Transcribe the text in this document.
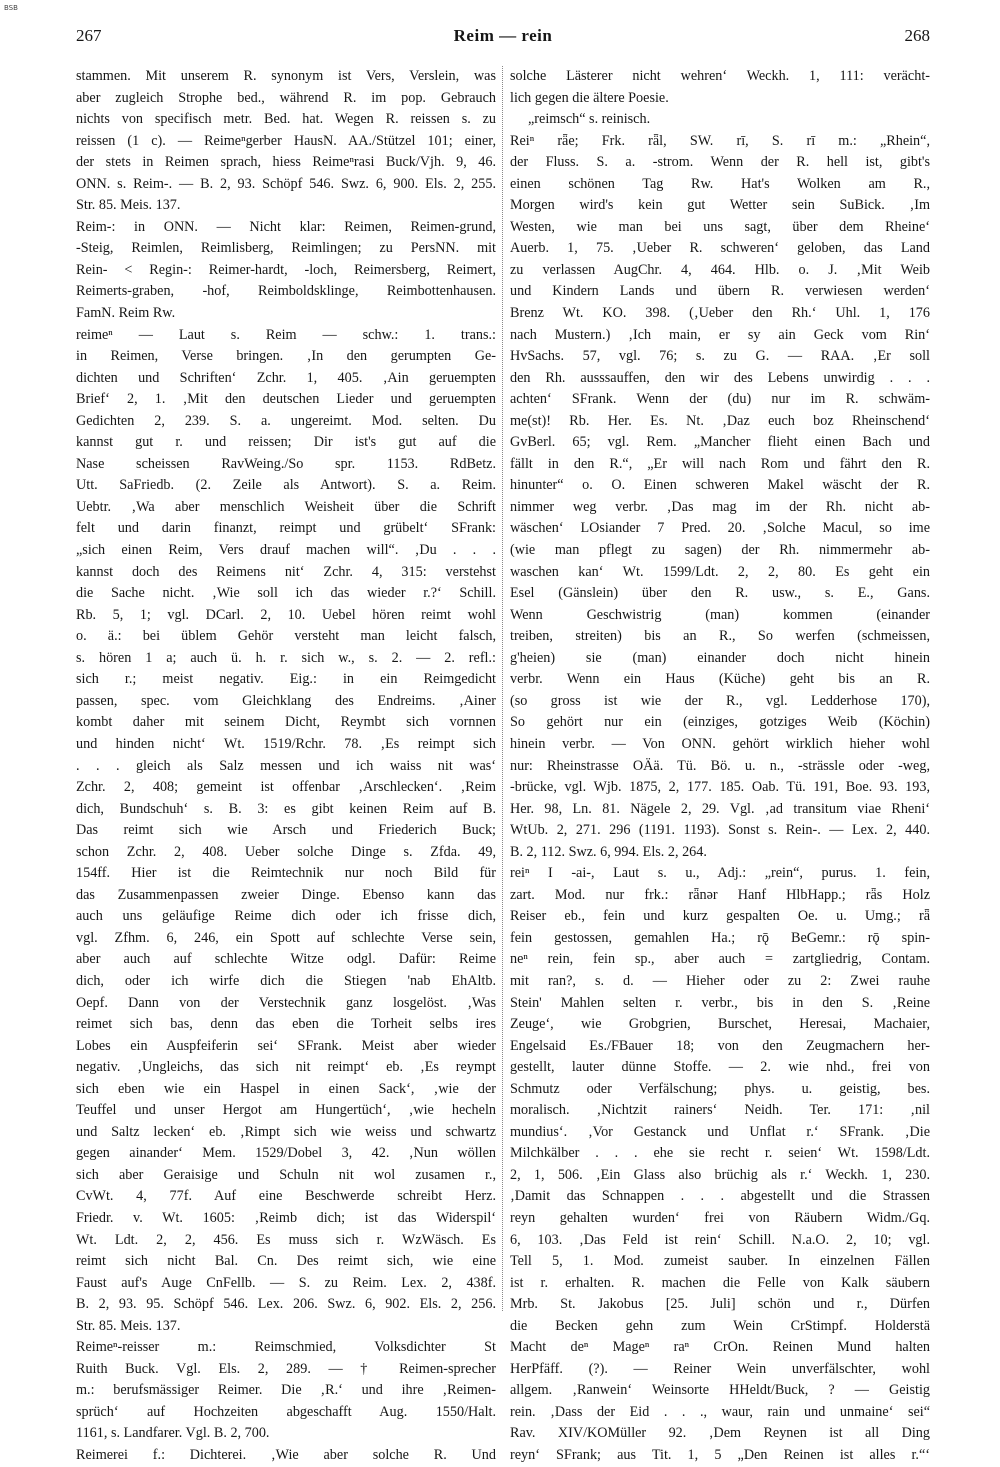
BSB
267	Reim — rein	268
stammen. Mit unserem R. synonym ist Vers, Verslein, was
aber zugleich Strophe bed., während R. im pop. Gebrauch
nichts von specifisch metr. Bed. hat. Wegen R. reissen s. zu
reissen (1 c). — Reimeⁿgerber HausN. AA./Stützel 101; einer,
der stets in Reimen sprach, hiess Reimeⁿrasi Buck/Vjh. 9, 46.
ONN. s. Reim-. — B. 2, 93. Schöpf 546. Swz. 6, 900. Els. 2, 255.
Str. 85. Meis. 137.
Reim-: in ONN. — Nicht klar: Reimen, Reimen-grund,
-Steig, Reimlen, Reimlisberg, Reimlingen; zu PersNN. mit
Rein- < Regin-: Reimer-hardt, -loch, Reimersberg, Reimert,
Reimerts-graben, -hof, Reimboldsklinge, Reimbottenhausen.
FamN. Reim Rw.
reimeⁿ — Laut s. Reim — schw.: 1. trans.:
in Reimen, Verse bringen. ‚In den gerumpten Ge-
dichten und Schriften‘ Zchr. 1, 405. ‚Ain geruempten
Brief‘ 2, 1. ‚Mit den deutschen Lieder und geruempten
Gedichten 2, 239. S. a. ungereimt. Mod. selten. Du
kannst gut r. und reissen; Dir ist's gut auf die
Nase scheissen RavWeing./So spr. 1153. RdBetz.
Utt. SaFriedb. (2. Zeile als Antwort). S. a. Reim.
Uebtr. ‚Wa aber menschlich Weisheit über die Schrift
felt und darin finanzt, reimpt und grübelt‘ SFrank:
„sich einen Reim, Vers drauf machen will“. ‚Du . . .
kannst doch des Reimens nit‘ Zchr. 4, 315: verstehst
die Sache nicht. ‚Wie soll ich das wieder r.?‘ Schill.
Rb. 5, 1; vgl. DCarl. 2, 10. Uebel hören reimt wohl
o. ä.: bei üblem Gehör versteht man leicht falsch,
s. hören 1 a; auch ü. h. r. sich w., s. 2. — 2. refl.:
sich r.; meist negativ. Eig.: in ein Reimgedicht
passen, spec. vom Gleichklang des Endreims. ‚Ainer
kombt daher mit seinem Dicht, Reymbt sich vornnen
und hinden nicht‘ Wt. 1519/Rchr. 78. ‚Es reimpt sich
. . . gleich als Salz messen und ich waiss nit was‘
Zchr. 2, 408; gemeint ist offenbar ‚Arschlecken‘. ‚Reim
dich, Bundschuh‘ s. B. 3: es gibt keinen Reim auf B.
Das reimt sich wie Arsch und Friederich Buck;
schon Zchr. 2, 408. Ueber solche Dinge s. Zfda. 49,
154ff. Hier ist die Reimtechnik nur noch Bild für
das Zusammenpassen zweier Dinge. Ebenso kann das
auch uns geläufige Reime dich oder ich frisse dich,
vgl. Zfhm. 6, 246, ein Spott auf schlechte Verse sein,
aber auch auf schlechte Witze odgl. Dafür: Reime
dich, oder ich wirfe dich die Stiegen 'nab EhAltb.
Oepf. Dann von der Verstechnik ganz losgelöst. ‚Was
reimet sich bas, denn das eben die Torheit selbs ires
Lobes ein Auspfeiferin sei‘ SFrank. Meist aber wieder
negativ. ‚Ungleichs, das sich nit reimpt‘ eb. ‚Es reympt
sich eben wie ein Haspel in einen Sack‘, ‚wie der
Teuffel und unser Hergot am Hungertüch‘, ‚wie hecheln
und Saltz lecken‘ eb. ‚Rimpt sich wie weiss und schwartz
gegen ainander‘ Mem. 1529/Dobel 3, 42. ‚Nun wöllen
sich aber Geraisige und Schuln nit wol zusamen r.,
CvWt. 4, 77f. Auf eine Beschwerde schreibt Herz.
Friedr. v. Wt. 1605: ‚Reimb dich; ist das Widerspil‘
Wt. Ldt. 2, 2, 456. Es muss sich r. WzWäsch. Es
reimt sich nicht Bal. Cn. Des reimt sich, wie eine
Faust auf's Auge CnFellb. — S. zu Reim. Lex. 2, 438f.
B. 2, 93. 95. Schöpf 546. Lex. 206. Swz. 6, 902. Els. 2, 256.
Str. 85. Meis. 137.
Reimeⁿ-reisser m.: Reimschmied, Volksdichter St
Ruith Buck. Vgl. Els. 2, 289. — † Reimen-sprecher
m.: berufsmässiger Reimer. Die ‚R.‘ und ihre ‚Reimen-
sprüch‘ auf Hochzeiten abgeschafft Aug. 1550/Halt.
1161, s. Landfarer. Vgl. B. 2, 700.
Reimerei f.: Dichterei. ‚Wie aber solche R. Und
solche Lästerer nicht wehren‘ Weckh. 1, 111: verächt-
lich gegen die ältere Poesie.
„reimsch“ s. reinisch.
Reiⁿ rǟe; Frk. rǟl, SW. rī, S. rī m.: „Rhein“,
der Fluss. S. a. -strom. Wenn der R. hell ist, gibt's
einen schönen Tag Rw. Hat's Wolken am R.,
Morgen wird's kein gut Wetter sein SuBick. ‚Im
Westen, wie man bei uns sagt, über dem Rheine‘
Auerb. 1, 75. ‚Ueber R. schweren‘ geloben, das Land
zu verlassen AugChr. 4, 464. Hlb. o. J. ‚Mit Weib
und Kindern Lands und übern R. verwiesen werden‘
Brenz Wt. KO. 398. (‚Ueber den Rh.‘ Uhl. 1, 176
nach Mustern.) ‚Ich main, er sy ain Geck vom Rin‘
HvSachs. 57, vgl. 76; s. zu G. — RAA. ‚Er soll
den Rh. ausssauffen, den wir des Lebens unwirdig . . .
achten‘ SFrank. Wenn der (du) nur im R. schwäm-
me(st)! Rb. Her. Es. Nt. ‚Daz euch boz Rheinschend‘
GvBerl. 65; vgl. Rem. „Mancher flieht einen Bach und
fällt in den R.“, „Er will nach Rom und fährt den R.
hinunter“ o. O. Einen schweren Makel wäscht der R.
nimmer weg verbr. ‚Das mag im der Rh. nicht ab-
wäschen‘ LOsiander 7 Pred. 20. ‚Solche Macul, so ime
(wie man pflegt zu sagen) der Rh. nimmermehr ab-
waschen kan‘ Wt. 1599/Ldt. 2, 2, 80. Es geht ein
Esel (Gänslein) über den R. usw., s. E., Gans.
Wenn Geschwistrig (man) kommen (einander
treiben, streiten) bis an R., So werfen (schmeissen,
g'heien) sie (man) einander doch nicht hinein
verbr. Wenn ein Haus (Küche) geht bis an R.
(so gross ist wie der R., vgl. Ledderhose 170),
So gehört nur ein (einziges, gotziges Weib (Köchin)
hinein verbr. — Von ONN. gehört wirklich hieher wohl
nur: Rheinstrasse OÄä. Tü. Bö. u. n., -strässle oder -weg,
-brücke, vgl. Wjb. 1875, 2, 177. 185. Oab. Tü. 191, Boe. 93. 193,
Her. 98, Ln. 81. Nägele 2, 29. Vgl. ‚ad transitum viae Rheni‘
WtUb. 2, 271. 296 (1191. 1193). Sonst s. Rein-. — Lex. 2, 440.
B. 2, 112. Swz. 6, 994. Els. 2, 264.
reiⁿ I -ai-, Laut s. u., Adj.: „rein“, purus. 1. fein,
zart. Mod. nur frk.: rǟnər Hanf HlbHapp.; rǟs Holz
Reiser eb., fein und kurz gespalten Oe. u. Umg.; rǟ
fein gestossen, gemahlen Ha.; rǭ BeGemr.: rǭ spin-
neⁿ rein, fein sp., aber auch = zartgliedrig, Contam.
mit ran?, s. d. — Hieher oder zu 2: Zwei rauhe
Stein' Mahlen selten r. verbr., bis in den S. ‚Reine
Zeuge‘, wie Grobgrien, Burschet, Heresai, Machaier,
Engelsaid Es./FBauer 18; von den Zeugmachern her-
gestellt, lauter dünne Stoffe. — 2. wie nhd., frei von
Schmutz oder Verfälschung; phys. u. geistig, bes.
moralisch. ‚Nichtzit rainers‘ Neidh. Ter. 171: ‚nil
mundius‘. ‚Vor Gestanck und Unflat r.‘ SFrank. ‚Die
Milchkälber . . . ehe sie recht r. seien‘ Wt. 1598/Ldt.
2, 1, 506. ‚Ein Glass also brüchig als r.‘ Weckh. 1, 230.
‚Damit das Schnappen . . . abgestellt und die Strassen
reyn gehalten wurden‘ frei von Räubern Widm./Gq.
6, 103. ‚Das Feld ist rein‘ Schill. N.a.O. 2, 10; vgl.
Tell 5, 1. Mod. zumeist sauber. In einzelnen Fällen
ist r. erhalten. R. machen die Felle von Kalk säubern
Mrb. St. Jakobus [25. Juli] schön und r., Dürfen
die Becken gehn zum Wein CrStimpf. Holderstä
Macht deⁿ Mageⁿ raⁿ CrOn. Reinen Mund halten
HerPfäff. (?). — Reiner Wein unverfälschter, wohl
allgem. ‚Ranwein‘ Weinsorte HHeldt/Buck, ? — Geistig
rein. ‚Dass der Eid . . ., waur, rain und unmaine‘ sei“
Rav. XIV/KOMüller 92. ‚Dem Reynen ist all Ding
reyn‘ SFrank; aus Tit. 1, 5 „Den Reinen ist alles r.“‘
